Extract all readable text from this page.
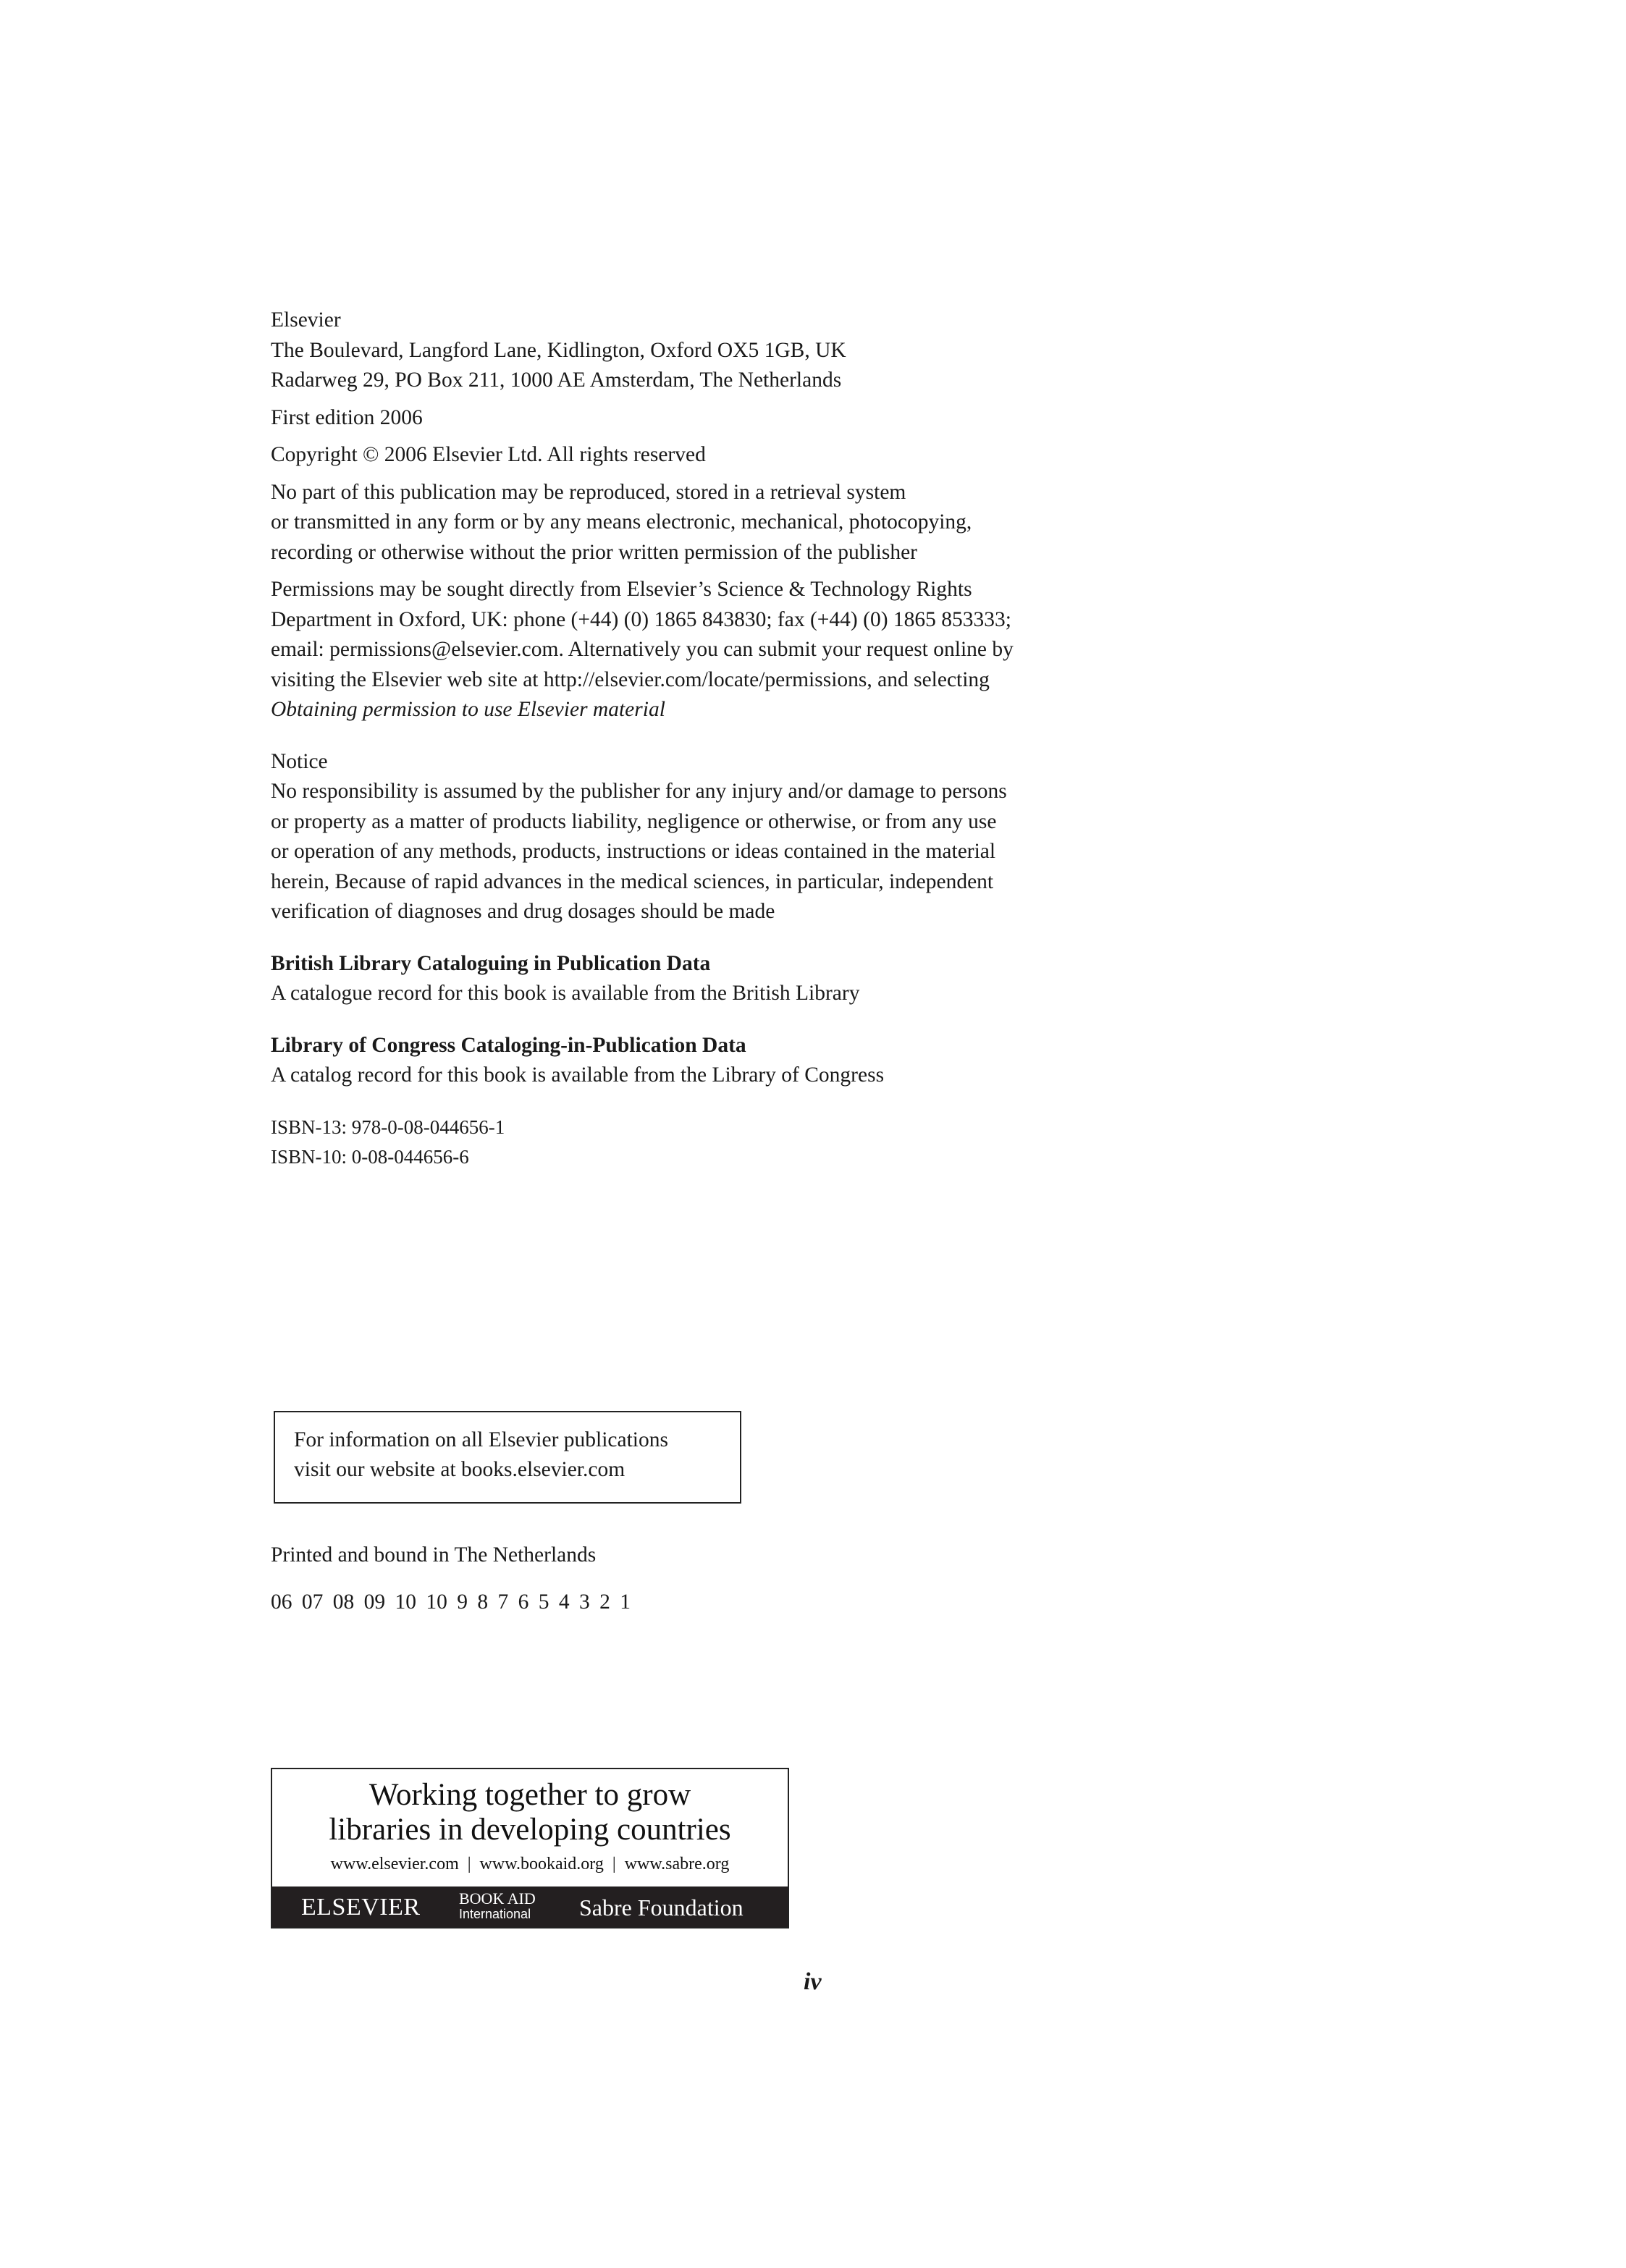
Elsevier
The Boulevard, Langford Lane, Kidlington, Oxford OX5 1GB, UK
Radarweg 29, PO Box 211, 1000 AE Amsterdam, The Netherlands
First edition 2006
Copyright © 2006 Elsevier Ltd. All rights reserved
No part of this publication may be reproduced, stored in a retrieval system
or transmitted in any form or by any means electronic, mechanical, photocopying,
recording or otherwise without the prior written permission of the publisher
Permissions may be sought directly from Elsevier’s Science & Technology Rights
Department in Oxford, UK: phone (+44) (0) 1865 843830; fax (+44) (0) 1865 853333;
email: permissions@elsevier.com. Alternatively you can submit your request online by
visiting the Elsevier web site at http://elsevier.com/locate/permissions, and selecting
Obtaining permission to use Elsevier material
Notice
No responsibility is assumed by the publisher for any injury and/or damage to persons
or property as a matter of products liability, negligence or otherwise, or from any use
or operation of any methods, products, instructions or ideas contained in the material
herein, Because of rapid advances in the medical sciences, in particular, independent
verification of diagnoses and drug dosages should be made
British Library Cataloguing in Publication Data
A catalogue record for this book is available from the British Library
Library of Congress Cataloging-in-Publication Data
A catalog record for this book is available from the Library of Congress
ISBN-13: 978-0-08-044656-1
ISBN-10: 0-08-044656-6
For information on all Elsevier publications
visit our website at books.elsevier.com
Printed and bound in The Netherlands
06 07 08 09 10 10 9 8 7 6 5 4 3 2 1
Working together to grow
libraries in developing countries
www.elsevier.com | www.bookaid.org | www.sabre.org
ELSEVIER BOOK AID
International Sabre Foundation
iv
